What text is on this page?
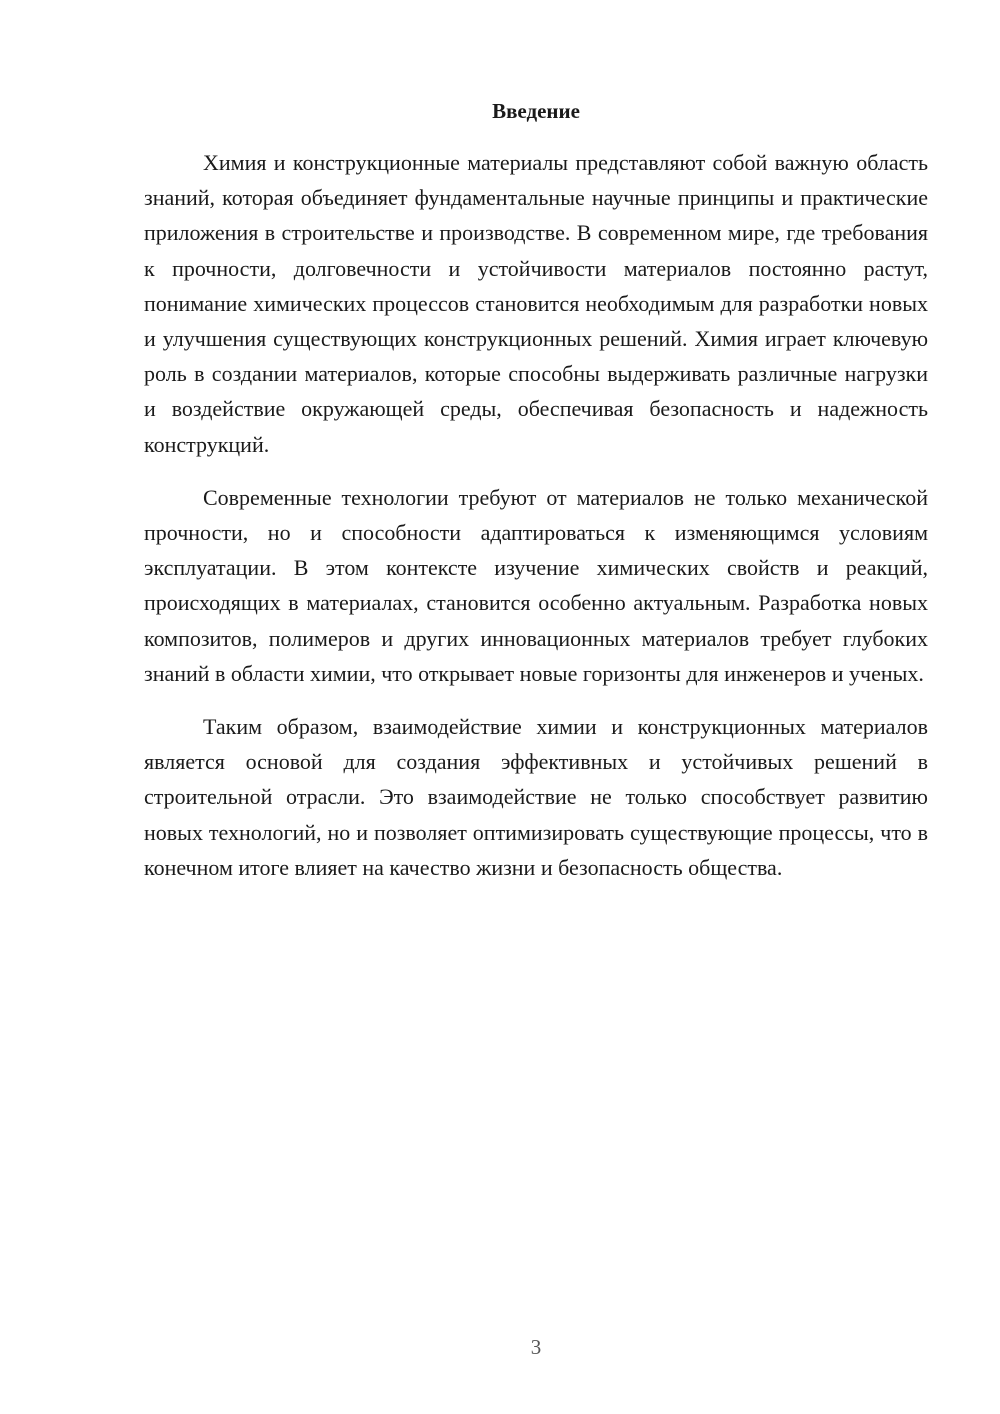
Введение

Химия и конструкционные материалы представляют собой важную область знаний, которая объединяет фундаментальные научные принципы и практические приложения в строительстве и производстве. В современном мире, где требования к прочности, долговечности и устойчивости материалов постоянно растут, понимание химических процессов становится необходимым для разработки новых и улучшения существующих конструкционных решений. Химия играет ключевую роль в создании материалов, которые способны выдерживать различные нагрузки и воздействие окружающей среды, обеспечивая безопасность и надежность конструкций.

Современные технологии требуют от материалов не только механической прочности, но и способности адаптироваться к изменяющимся условиям эксплуатации. В этом контексте изучение химических свойств и реакций, происходящих в материалах, становится особенно актуальным. Разработка новых композитов, полимеров и других инновационных материалов требует глубоких знаний в области химии, что открывает новые горизонты для инженеров и ученых.

Таким образом, взаимодействие химии и конструкционных материалов является основой для создания эффективных и устойчивых решений в строительной отрасли. Это взаимодействие не только способствует развитию новых технологий, но и позволяет оптимизировать существующие процессы, что в конечном итоге влияет на качество жизни и безопасность общества.

3
